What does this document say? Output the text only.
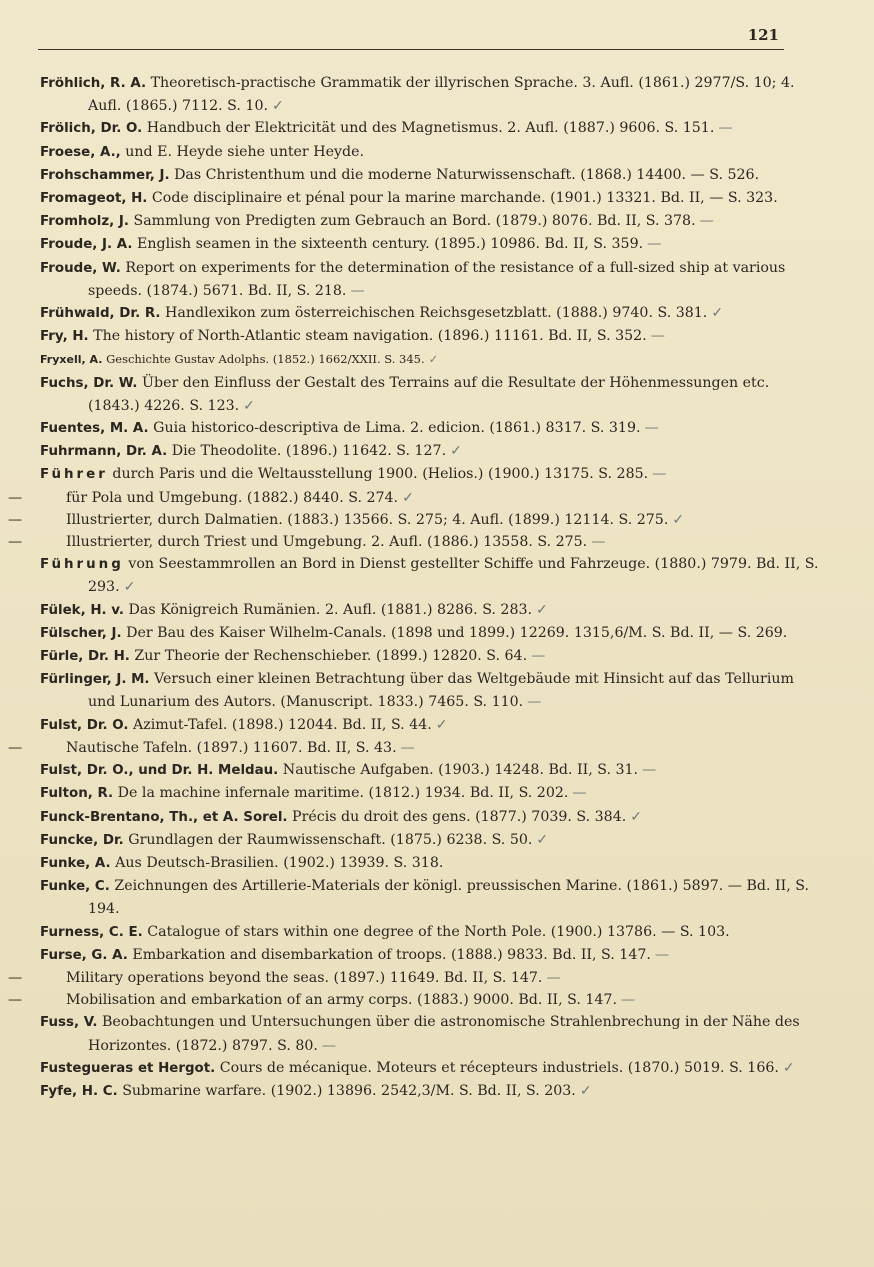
121
Fröhlich, R. A. Theoretisch-practische Grammatik der illyrischen Sprache. 3. Aufl. (1861.) 2977/S. 10; 4. Aufl. (1865.) 7112. S. 10. ✓
Frölich, Dr. O. Handbuch der Elektricität und des Magnetismus. 2. Aufl. (1887.) 9606. S. 151. —
Froese, A., und E. Heyde siehe unter Heyde.
Frohschammer, J. Das Christenthum und die moderne Naturwissenschaft. (1868.) 14400. — S. 526.
Fromageot, H. Code disciplinaire et pénal pour la marine marchande. (1901.) 13321. Bd. II, — S. 323.
Fromholz, J. Sammlung von Predigten zum Gebrauch an Bord. (1879.) 8076. Bd. II, S. 378. —
Froude, J. A. English seamen in the sixteenth century. (1895.) 10986. Bd. II, S. 359. —
Froude, W. Report on experiments for the determination of the resistance of a full-sized ship at various speeds. (1874.) 5671. Bd. II, S. 218. —
Frühwald, Dr. R. Handlexikon zum österreichischen Reichsgesetzblatt. (1888.) 9740. S. 381. ✓
Fry, H. The history of North-Atlantic steam navigation. (1896.) 11161. Bd. II, S. 352. —
Fryxell, A. Geschichte Gustav Adolphs. (1852.) 1662/XXII. S. 345. ✓
Fuchs, Dr. W. Über den Einfluss der Gestalt des Terrains auf die Resultate der Höhenmessungen etc. (1843.) 4226. S. 123. ✓
Fuentes, M. A. Guia historico-descriptiva de Lima. 2. edicion. (1861.) 8317. S. 319. —
Fuhrmann, Dr. A. Die Theodolite. (1896.) 11642. S. 127. ✓
Führer durch Paris und die Weltausstellung 1900. (Helios.) (1900.) 13175. S. 285. —
—	für Pola und Umgebung. (1882.) 8440. S. 274. ✓
—	Illustrierter, durch Dalmatien. (1883.) 13566. S. 275; 4. Aufl. (1899.) 12114. S. 275. ✓
—	Illustrierter, durch Triest und Umgebung. 2. Aufl. (1886.) 13558. S. 275. —
Führung von Seestammrollen an Bord in Dienst gestellter Schiffe und Fahrzeuge. (1880.) 7979. Bd. II, S. 293. ✓
Fülek, H. v. Das Königreich Rumänien. 2. Aufl. (1881.) 8286. S. 283. ✓
Fülscher, J. Der Bau des Kaiser Wilhelm-Canals. (1898 und 1899.) 12269. 1315,6/M. S. Bd. II, — S. 269.
Fürle, Dr. H. Zur Theorie der Rechenschieber. (1899.) 12820. S. 64. —
Fürlinger, J. M. Versuch einer kleinen Betrachtung über das Weltgebäude mit Hinsicht auf das Tellurium und Lunarium des Autors. (Manuscript. 1833.) 7465. S. 110. —
Fulst, Dr. O. Azimut-Tafel. (1898.) 12044. Bd. II, S. 44. ✓
—	Nautische Tafeln. (1897.) 11607. Bd. II, S. 43. —
Fulst, Dr. O., und Dr. H. Meldau. Nautische Aufgaben. (1903.) 14248. Bd. II, S. 31. —
Fulton, R. De la machine infernale maritime. (1812.) 1934. Bd. II, S. 202. —
Funck-Brentano, Th., et A. Sorel. Précis du droit des gens. (1877.) 7039. S. 384. ✓
Funcke, Dr. Grundlagen der Raumwissenschaft. (1875.) 6238. S. 50. ✓
Funke, A. Aus Deutsch-Brasilien. (1902.) 13939. S. 318.
Funke, C. Zeichnungen des Artillerie-Materials der königl. preussischen Marine. (1861.) 5897. — Bd. II, S. 194.
Furness, C. E. Catalogue of stars within one degree of the North Pole. (1900.) 13786. — S. 103.
Furse, G. A. Embarkation and disembarkation of troops. (1888.) 9833. Bd. II, S. 147. —
—	Military operations beyond the seas. (1897.) 11649. Bd. II, S. 147. —
—	Mobilisation and embarkation of an army corps. (1883.) 9000. Bd. II, S. 147. —
Fuss, V. Beobachtungen und Untersuchungen über die astronomische Strahlenbrechung in der Nähe des Horizontes. (1872.) 8797. S. 80. —
Fustegueras et Hergot. Cours de mécanique. Moteurs et récepteurs industriels. (1870.) 5019. S. 166. ✓
Fyfe, H. C. Submarine warfare. (1902.) 13896. 2542,3/M. S. Bd. II, S. 203. ✓
